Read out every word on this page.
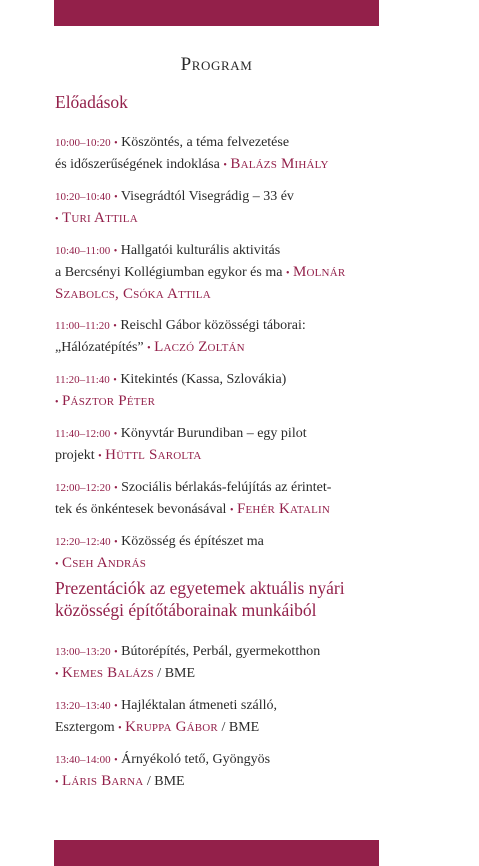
Program
Előadások
10:00–10:20 • Köszöntés, a téma felvezetése
és időszerűségének indoklása • Balázs Mihály
10:20–10:40 • Visegrádtól Visegrádig – 33 év
• Turi Attila
10:40–11:00 • Hallgatói kulturális aktivitás
a Bercsényi Kollégiumban egykor és ma • Molnár Szabolcs, Csóka Attila
11:00–11:20 • Reischl Gábor közösségi táborai:
„Hálózatépítés” • Laczó Zoltán
11:20–11:40 • Kitekintés (Kassa, Szlovákia)
• Pásztor Péter
11:40–12:00 • Könyvtár Burundiban – egy pilot
projekt • Hüttl Sarolta
12:00–12:20 • Szociális bérlakás-felújítás az érintet-
tek és önkéntesek bevonásával • Fehér Katalin
12:20–12:40 • Közösség és építészet ma
• Cseh András
Prezentációk az egyetemek aktuális nyári
közösségi építőtáborainak munkáiból
13:00–13:20 • Bútorépítés, Perbál, gyermekotthon
• Kemes Balázs / BME
13:20–13:40 • Hajléktalan átmeneti szálló,
Esztergom • Kruppa Gábor / BME
13:40–14:00 • Árnyékoló tető, Gyöngyös
• Láris Barna / BME
